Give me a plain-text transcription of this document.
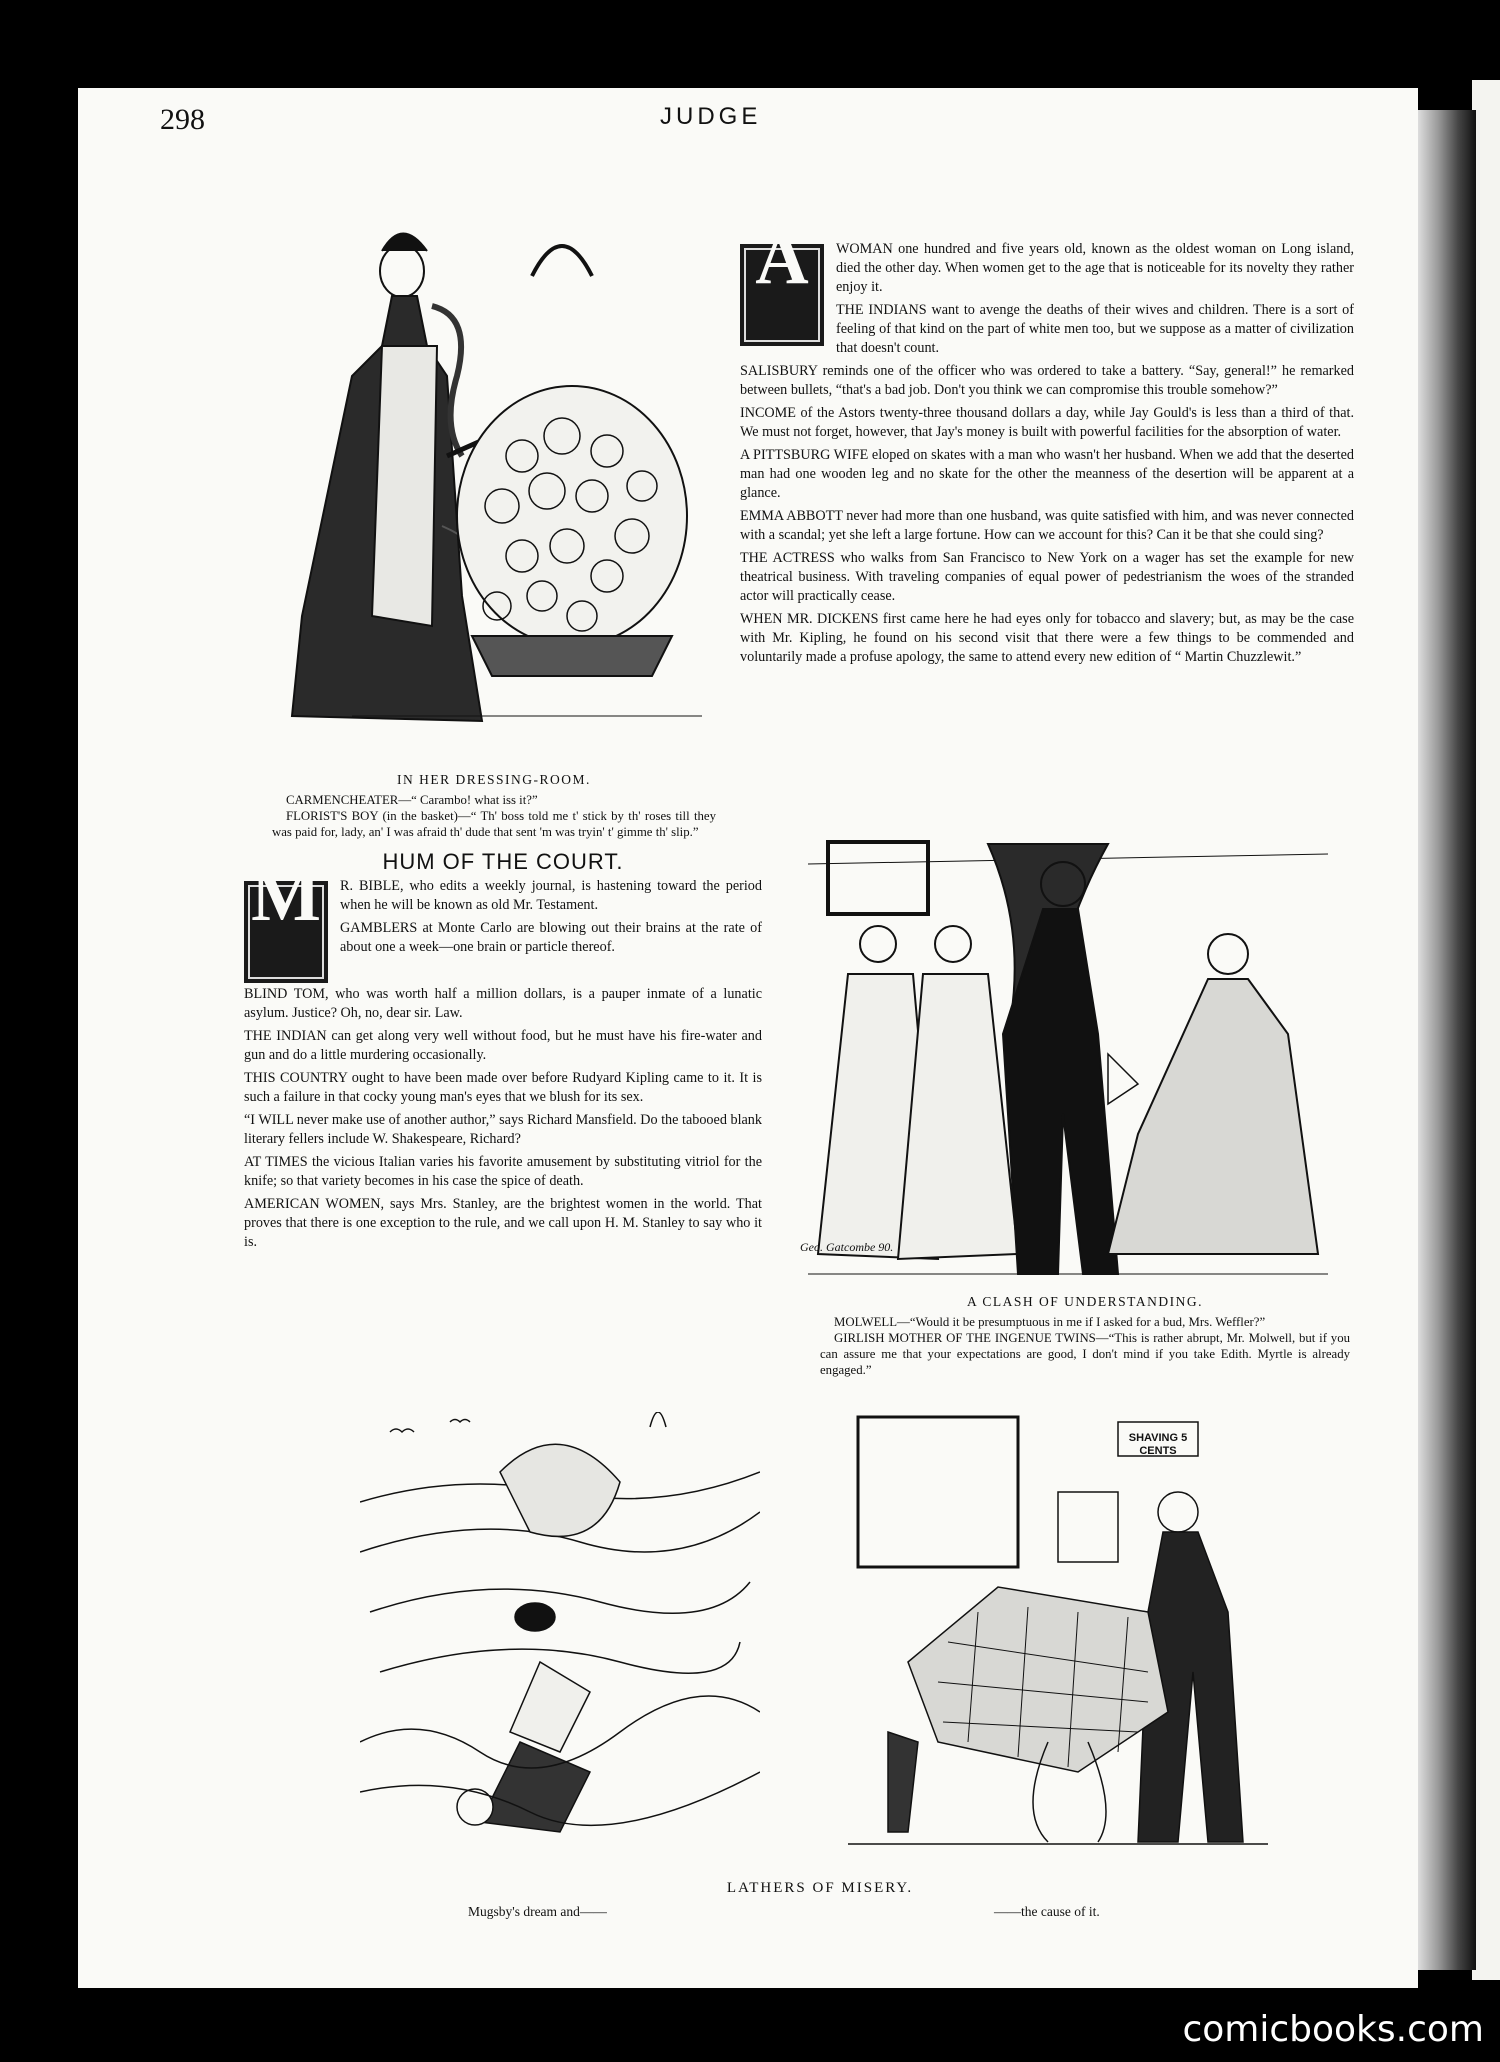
298	JUDGE
IN HER DRESSING-ROOM.

CARMENCHEATER—“ Carambo! what iss it?”

FLORIST'S BOY (in the basket)—“ Th' boss told me t' stick by th' roses till they was paid for, lady, an' I was afraid th' dude that sent 'm was tryin' t' gimme th' slip.”

A	WOMAN one hundred and five years old, known as the oldest woman on Long island, died the other day. When women get to the age that is noticeable for its novelty they rather enjoy it.

THE INDIANS want to avenge the deaths of their wives and children. There is a sort of feeling of that kind on the part of white men too, but we suppose as a matter of civilization that doesn't count.

SALISBURY reminds one of the officer who was ordered to take a battery. “Say, general!” he remarked between bullets, “that's a bad job. Don't you think we can compromise this trouble somehow?”

INCOME of the Astors twenty-three thousand dollars a day, while Jay Gould's is less than a third of that. We must not forget, however, that Jay's money is built with powerful facilities for the absorption of water.

A PITTSBURG WIFE eloped on skates with a man who wasn't her husband. When we add that the deserted man had one wooden leg and no skate for the other the meanness of the desertion will be apparent at a glance.

EMMA ABBOTT never had more than one husband, was quite satisfied with him, and was never connected with a scandal; yet she left a large fortune. How can we account for this? Can it be that she could sing?

THE ACTRESS who walks from San Francisco to New York on a wager has set the example for new theatrical business. With traveling companies of equal power of pedestrianism the woes of the stranded actor will practically cease.

WHEN MR. DICKENS first came here he had eyes only for tobacco and slavery; but, as may be the case with Mr. Kipling, he found on his second visit that there were a few things to be commended and voluntarily made a profuse apology, the same to attend every new edition of “ Martin Chuzzlewit.”

HUM OF THE COURT.
M	R. BIBLE, who edits a weekly journal, is hastening toward the period when he will be known as old Mr. Testament.

GAMBLERS at Monte Carlo are blowing out their brains at the rate of about one a week—one brain or particle thereof.

BLIND TOM, who was worth half a million dollars, is a pauper inmate of a lunatic asylum. Justice? Oh, no, dear sir. Law.

THE INDIAN can get along very well without food, but he must have his fire-water and gun and do a little murdering occasionally.

THIS COUNTRY ought to have been made over before Rudyard Kipling came to it. It is such a failure in that cocky young man's eyes that we blush for its sex.

“I WILL never make use of another author,” says Richard Mansfield. Do the tabooed blank literary fellers include W. Shakespeare, Richard?

AT TIMES the vicious Italian varies his favorite amusement by substituting vitriol for the knife; so that variety becomes in his case the spice of death.

AMERICAN WOMEN, says Mrs. Stanley, are the brightest women in the world. That proves that there is one exception to the rule, and we call upon H. M. Stanley to say who it is.	Geo. Gatcombe 90.
A CLASH OF UNDERSTANDING.

MOLWELL—“Would it be presumptuous in me if I asked for a bud, Mrs. Weffler?”

GIRLISH MOTHER OF THE INGENUE TWINS—“This is rather abrupt, Mr. Molwell, but if you can assure me that your expectations are good, I don't mind if you take Edith. Myrtle is already engaged.”

SHAVING 5 CENTS
LATHERS OF MISERY.
Mugsby's dream and——	——the cause of it.
comicbooks.com
